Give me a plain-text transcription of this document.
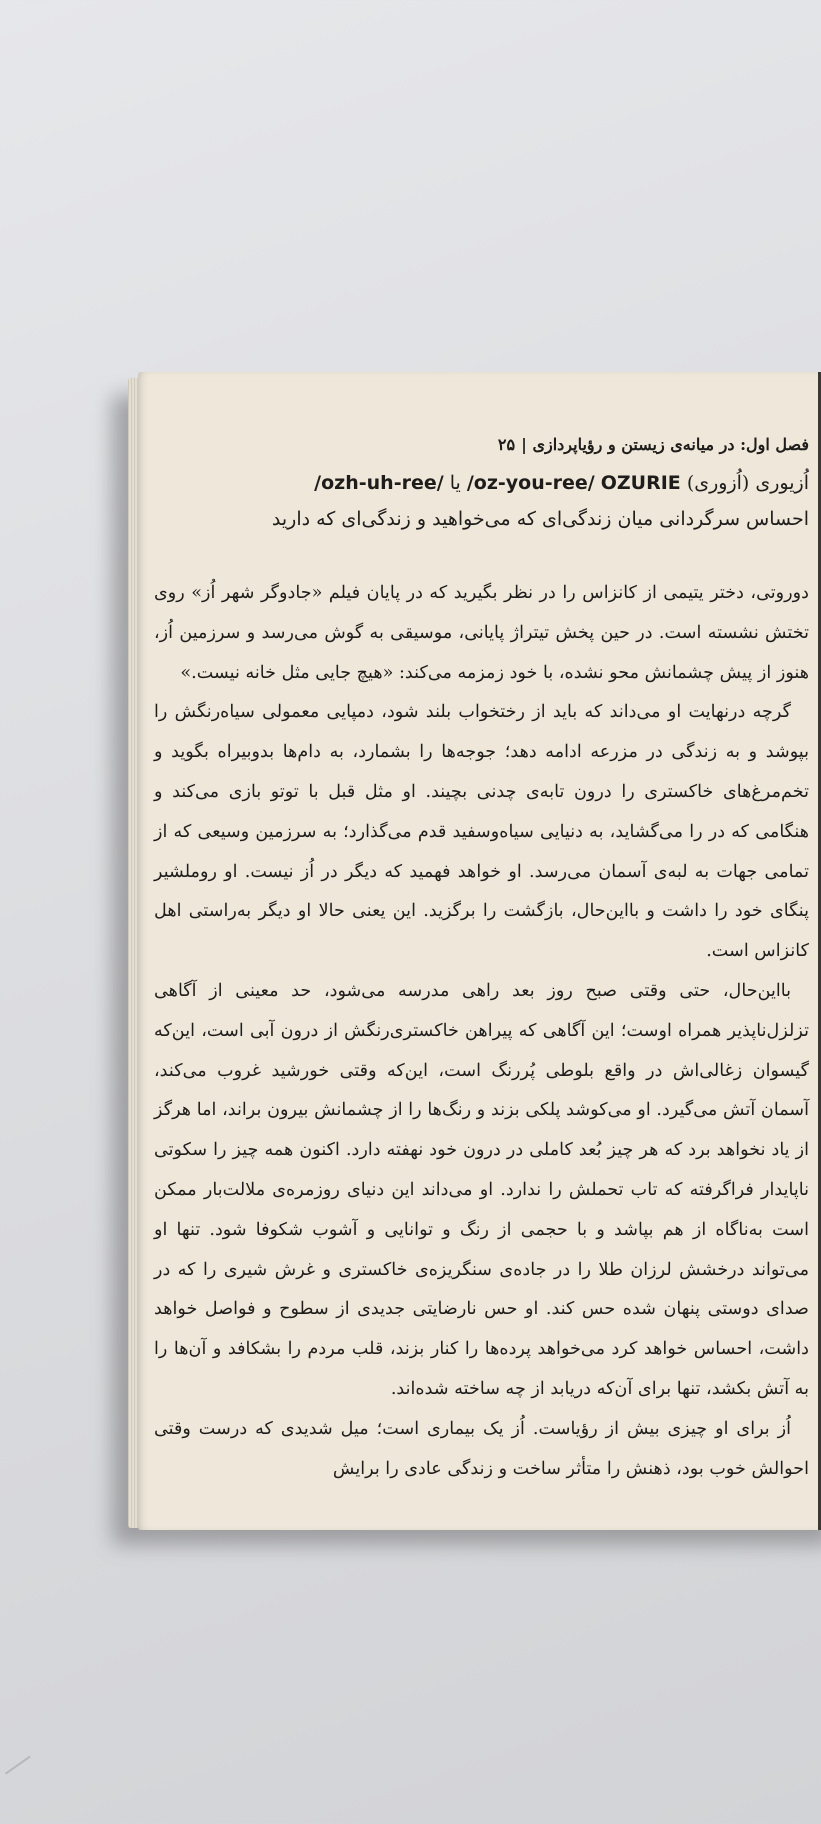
فصل اول: در میانه‌ی زیستن و رؤیاپردازی |
۲۵
اُزیوری (اُزوری) OZURIE /oz-you-ree/ یا /ozh-uh-ree/
احساس سرگردانی میان زندگی‌ای که می‌خواهید و زندگی‌ای که دارید

دوروتی، دختر یتیمی از کانزاس را در نظر بگیرید که در پایان فیلم «جادوگر شهر اُز» روی تختش نشسته است. در حین پخش تیتراژ پایانی، موسیقی به گوش می‌رسد و سرزمین اُز، هنوز از پیش چشمانش محو نشده، با خود زمزمه می‌کند: «هیچ جایی مثل خانه نیست.»

گرچه درنهایت او می‌داند که باید از رختخواب بلند شود، دمپایی معمولی سیاه‌رنگش را بپوشد و به زندگی در مزرعه ادامه دهد؛ جوجه‌ها را بشمارد، به دام‌ها بدوبیراه بگوید و تخم‌مرغ‌های خاکستری را درون تابه‌ی چدنی بچیند. او مثل قبل با توتو بازی می‌کند و هنگامی که در را می‌گشاید، به دنیایی سیاه‌وسفید قدم می‌گذارد؛ به سرزمین وسیعی که از تمامی جهات به لبه‌ی آسمان می‌رسد. او خواهد فهمید که دیگر در اُز نیست. او روملشیر پنگای خود را داشت و بااین‌حال، بازگشت را برگزید. این یعنی حالا او دیگر به‌راستی اهل کانزاس است.

بااین‌حال، حتی وقتی صبح روز بعد راهی مدرسه می‌شود، حد معینی از آگاهی تزلزل‌ناپذیر همراه اوست؛ این آگاهی که پیراهن خاکستری‌رنگش از درون آبی است، این‌که گیسوان زغالی‌اش در واقع بلوطی پُررنگ است، این‌که وقتی خورشید غروب می‌کند، آسمان آتش می‌گیرد. او می‌کوشد پلکی بزند و رنگ‌ها را از چشمانش بیرون براند، اما هرگز از یاد نخواهد برد که هر چیز بُعد کاملی در درون خود نهفته دارد. اکنون همه چیز را سکوتی ناپایدار فراگرفته که تاب تحملش را ندارد. او می‌داند این دنیای روزمره‌ی ملالت‌بار ممکن است به‌ناگاه از هم بپاشد و با حجمی از رنگ و توانایی و آشوب شکوفا شود. تنها او می‌تواند درخشش لرزان طلا را در جاده‌ی سنگریزه‌ی خاکستری و غرش شیری را که در صدای دوستی پنهان شده حس کند. او حس نارضایتی جدیدی از سطوح و فواصل خواهد داشت، احساس خواهد کرد می‌خواهد پرده‌ها را کنار بزند، قلب مردم را بشکافد و آن‌ها را به آتش بکشد، تنها برای آن‌که دریابد از چه ساخته شده‌اند.

اُز برای او چیزی بیش از رؤیاست. اُز یک بیماری است؛ میل شدیدی که درست وقتی احوالش خوب بود، ذهنش را متأثر ساخت و زندگی عادی را برایش
